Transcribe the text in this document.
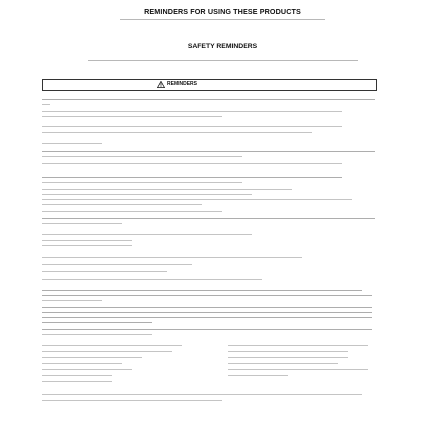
REMINDERS FOR USING THESE PRODUCTS
SAFETY REMINDERS
REMINDERS
